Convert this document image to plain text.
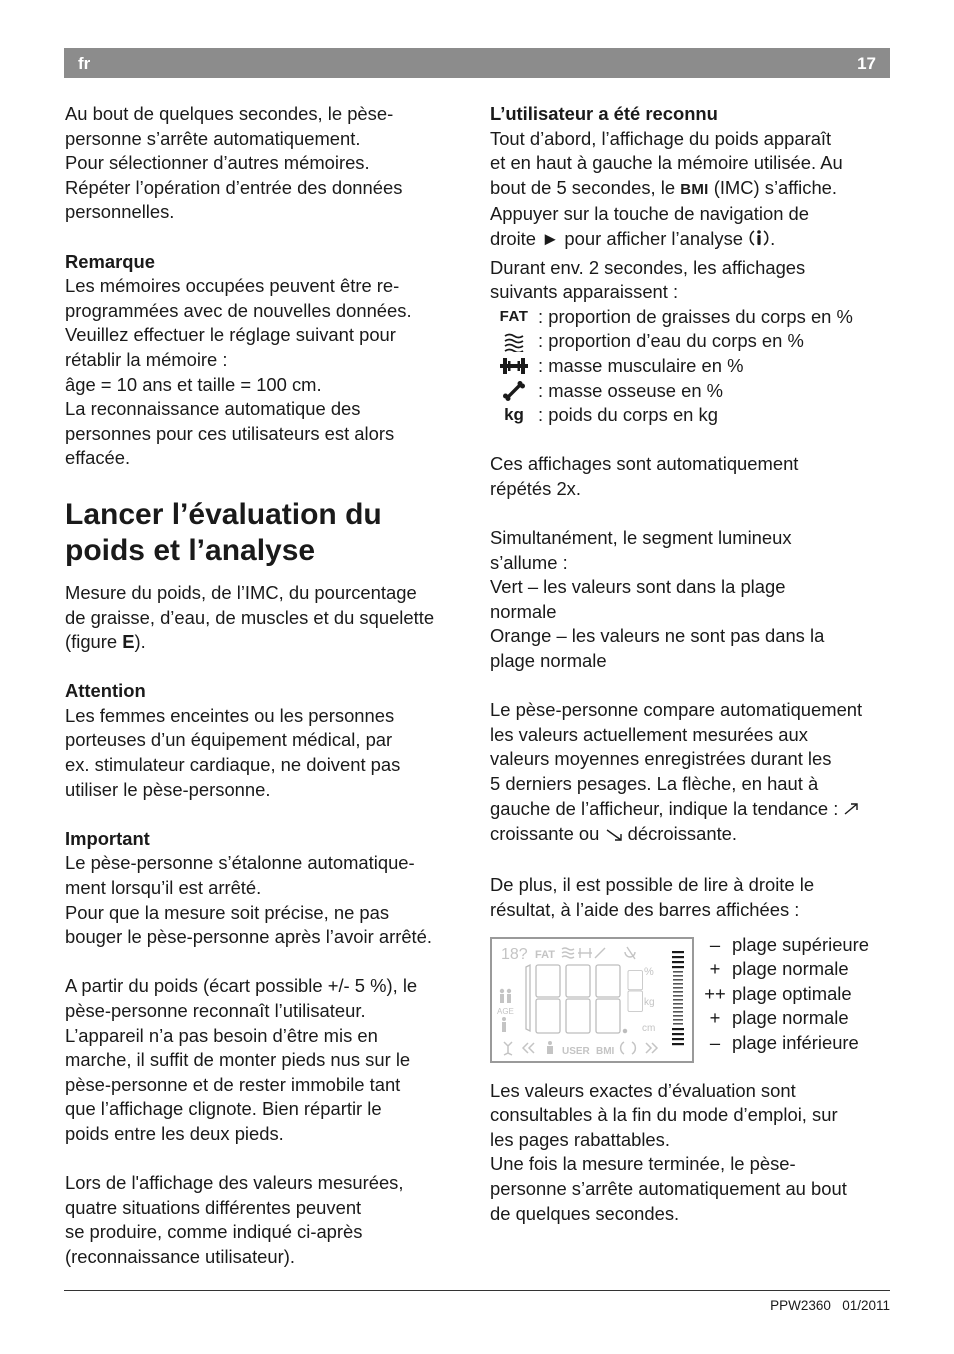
fr	17

Au bout de quelques secondes, le pèse-

personne s’arrête automatiquement.

Pour sélectionner d’autres mémoires.

Répéter l’opération d’entrée des données

personnelles.

Remarque

Les mémoires occupées peuvent être re-

programmées avec de nouvelles données.

Veuillez effectuer le réglage suivant pour

rétablir la mémoire :

âge = 10 ans et taille = 100 cm.

La reconnaissance automatique des

personnes pour ces utilisateurs est alors

effacée.

Lancer l’évaluation du
poids et l’analyse

Mesure du poids, de l’IMC, du pourcentage

de graisse, d’eau, de muscles et du squelette

(figure E).

Attention

Les femmes enceintes ou les personnes

porteuses d’un équipement médical, par

ex. stimulateur cardiaque, ne doivent pas

utiliser le pèse-personne.

Important

Le pèse-personne s’étalonne automatique-

ment lorsqu’il est arrêté.

Pour que la mesure soit précise, ne pas

bouger le pèse-personne après l’avoir arrêté.

A partir du poids (écart possible +/- 5 %), le

pèse-personne reconnaît l’utilisateur.

L’appareil n’a pas besoin d’être mis en

marche, il suffit de monter pieds nus sur le

pèse-personne et de rester immobile tant

que l’affichage clignote. Bien répartir le

poids entre les deux pieds.

Lors de l'affichage des valeurs mesurées,

quatre situations différentes peuvent

se produire, comme indiqué ci-après

(reconnaissance utilisateur).

L’utilisateur a été reconnu

Tout d’abord, l’affichage du poids apparaît

et en haut à gauche la mémoire utilisée. Au

bout de 5 secondes, le BMI (IMC) s’affiche.

Appuyer sur la touche de navigation de

droite ► pour afficher l’analyse .

Durant env. 2 secondes, les affichages

suivants apparaissent :

FAT : proportion de graisses du corps en %
: proportion d’eau du corps en %
: masse musculaire en %
: masse osseuse en %
kg : poids du corps en kg

Ces affichages sont automatiquement

répétés 2x.

Simultanément, le segment lumineux

s’allume :

Vert – les valeurs sont dans la plage

normale

Orange – les valeurs ne sont pas dans la

plage normale

Le pèse-personne compare automatiquement

les valeurs actuellement mesurées aux

valeurs moyennes enregistrées durant les

5 derniers pesages. La flèche, en haut à

gauche de l’afficheur, indique la tendance :

croissante ou décroissante.

De plus, il est possible de lire à droite le

résultat, à l’aide des barres affichées :

18? FAT
%
kg
cm
AGE
USER BMI
– plage supérieure
+ plage normale
++ plage optimale
+ plage normale
– plage inférieure

Les valeurs exactes d’évaluation sont

consultables à la fin du mode d’emploi, sur

les pages rabattables.

Une fois la mesure terminée, le pèse-

personne s’arrête automatiquement au bout

de quelques secondes.

PPW2360   01/2011
